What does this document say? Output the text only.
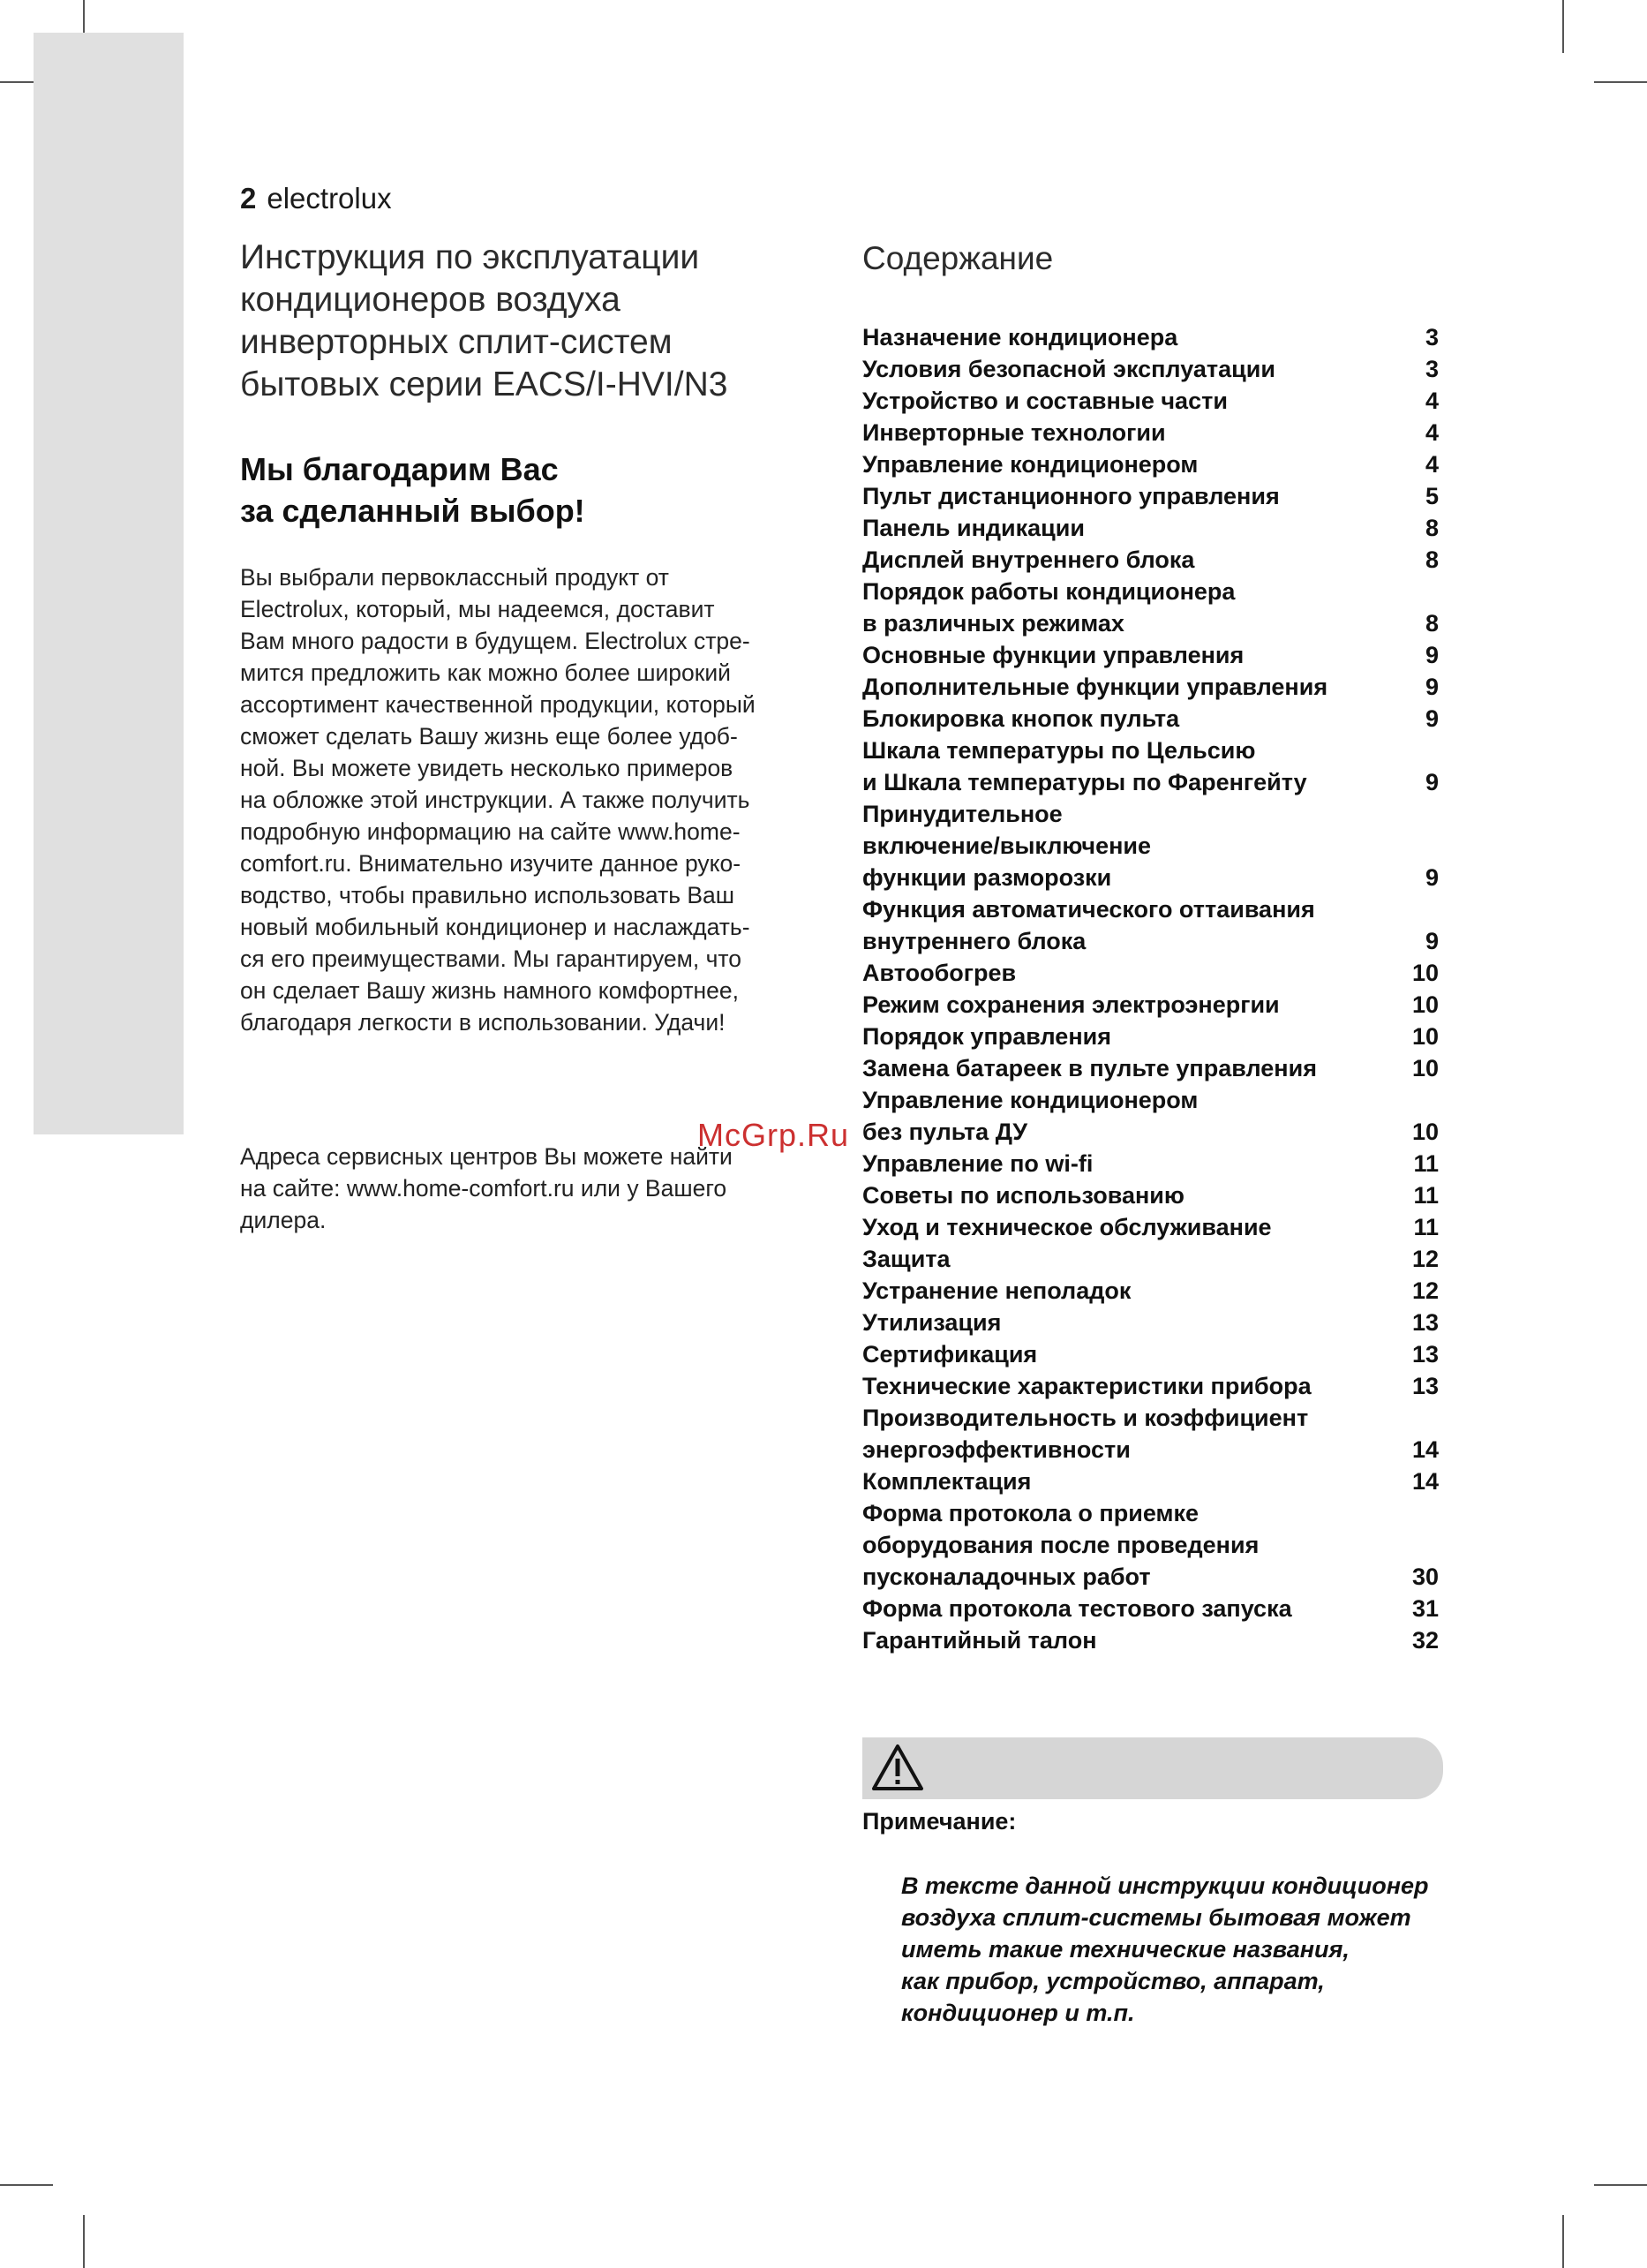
2 electrolux
Инструкция по эксплуатации
кондиционеров воздуха
инверторных сплит-систем
бытовых серии EACS/I-HVI/N3
Мы благодарим Вас
за сделанный выбор!
Вы выбрали первоклассный продукт от
Electrolux, который, мы надеемся, доставит
Вам много радости в будущем. Electrolux стре-
мится предложить как можно более широкий
ассортимент качественной продукции, который
сможет сделать Вашу жизнь еще более удоб-
ной. Вы можете увидеть несколько примеров
на обложке этой инструкции. А также получить
подробную информацию на сайте www.home-
comfort.ru. Внимательно изучите данное руко-
водство, чтобы правильно использовать Ваш
новый мобильный кондиционер и наслаждать-
ся его преимуществами. Мы гарантируем, что
он сделает Вашу жизнь намного комфортнее,
благодаря легкости в использовании. Удачи!
Адреса сервисных центров Вы можете найти
на сайте: www.home-comfort.ru или у Вашего
дилера.
Содержание
Назначение кондиционера	3
Условия безопасной эксплуатации	3
Устройство и составные части	4
Инверторные технологии	4
Управление кондиционером	4
Пульт дистанционного управления	5
Панель индикации	8
Дисплей внутреннего блока	8
Порядок работы кондиционера
в различных режимах	8
Основные функции управления	9
Дополнительные функции управления	9
Блокировка кнопок пульта	9
Шкала температуры по Цельсию
и Шкала температуры по Фаренгейту	9
Принудительное
включение/выключение
функции разморозки	9
Функция автоматического оттаивания
внутреннего блока	9
Автообогрев	10
Режим сохранения электроэнергии	10
Порядок управления	10
Замена батареек в пульте управления	10
Управление кондиционером
без пульта ДУ	10
Управление по wi-fi	11
Советы по использованию	11
Уход и техническое обслуживание	11
Защита	12
Устранение неполадок	12
Утилизация	13
Сертификация	13
Технические характеристики прибора	13
Производительность и коэффициент
энергоэффективности	14
Комплектация	14
Форма протокола о приемке
оборудования после проведения
пусконаладочных работ	30
Форма протокола тестового запуска	31
Гарантийный талон	32
Примечание:
В тексте данной инструкции кондиционер
воздуха сплит-системы бытовая может
иметь такие технические названия,
как прибор, устройство, аппарат,
кондиционер и т.п.
McGrp.Ru
